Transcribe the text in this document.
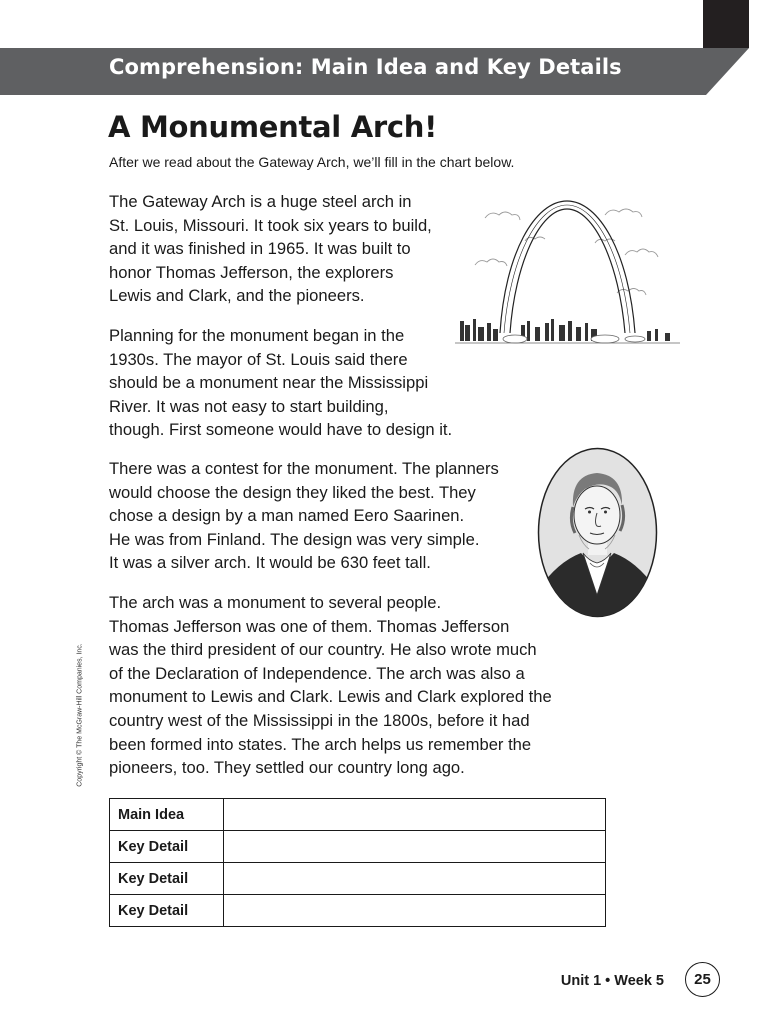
Comprehension: Main Idea and Key Details
A Monumental Arch!

After we read about the Gateway Arch, we’ll fill in the chart below.

The Gateway Arch is a huge steel arch in
St. Louis, Missouri. It took six years to build,
and it was finished in 1965. It was built to
honor Thomas Jefferson, the explorers
Lewis and Clark, and the pioneers.
Planning for the monument began in the
1930s. The mayor of St. Louis said there
should be a monument near the Mississippi
River. It was not easy to start building,
though. First someone would have to design it.
There was a contest for the monument. The planners
would choose the design they liked the best. They
chose a design by a man named Eero Saarinen.
He was from Finland. The design was very simple.
It was a silver arch. It would be 630 feet tall.
The arch was a monument to several people.
Thomas Jefferson was one of them. Thomas Jefferson
was the third president of our country. He also wrote much
of the Declaration of Independence. The arch was also a
monument to Lewis and Clark. Lewis and Clark explored the
country west of the Mississippi in the 1800s, before it had
been formed into states. The arch helps us remember the
pioneers, too. They settled our country long ago.
Copyright © The McGraw-Hill Companies, Inc.
Main Idea	
Key Detail	
Key Detail	
Key Detail	

Unit 1 • Week 5	25
